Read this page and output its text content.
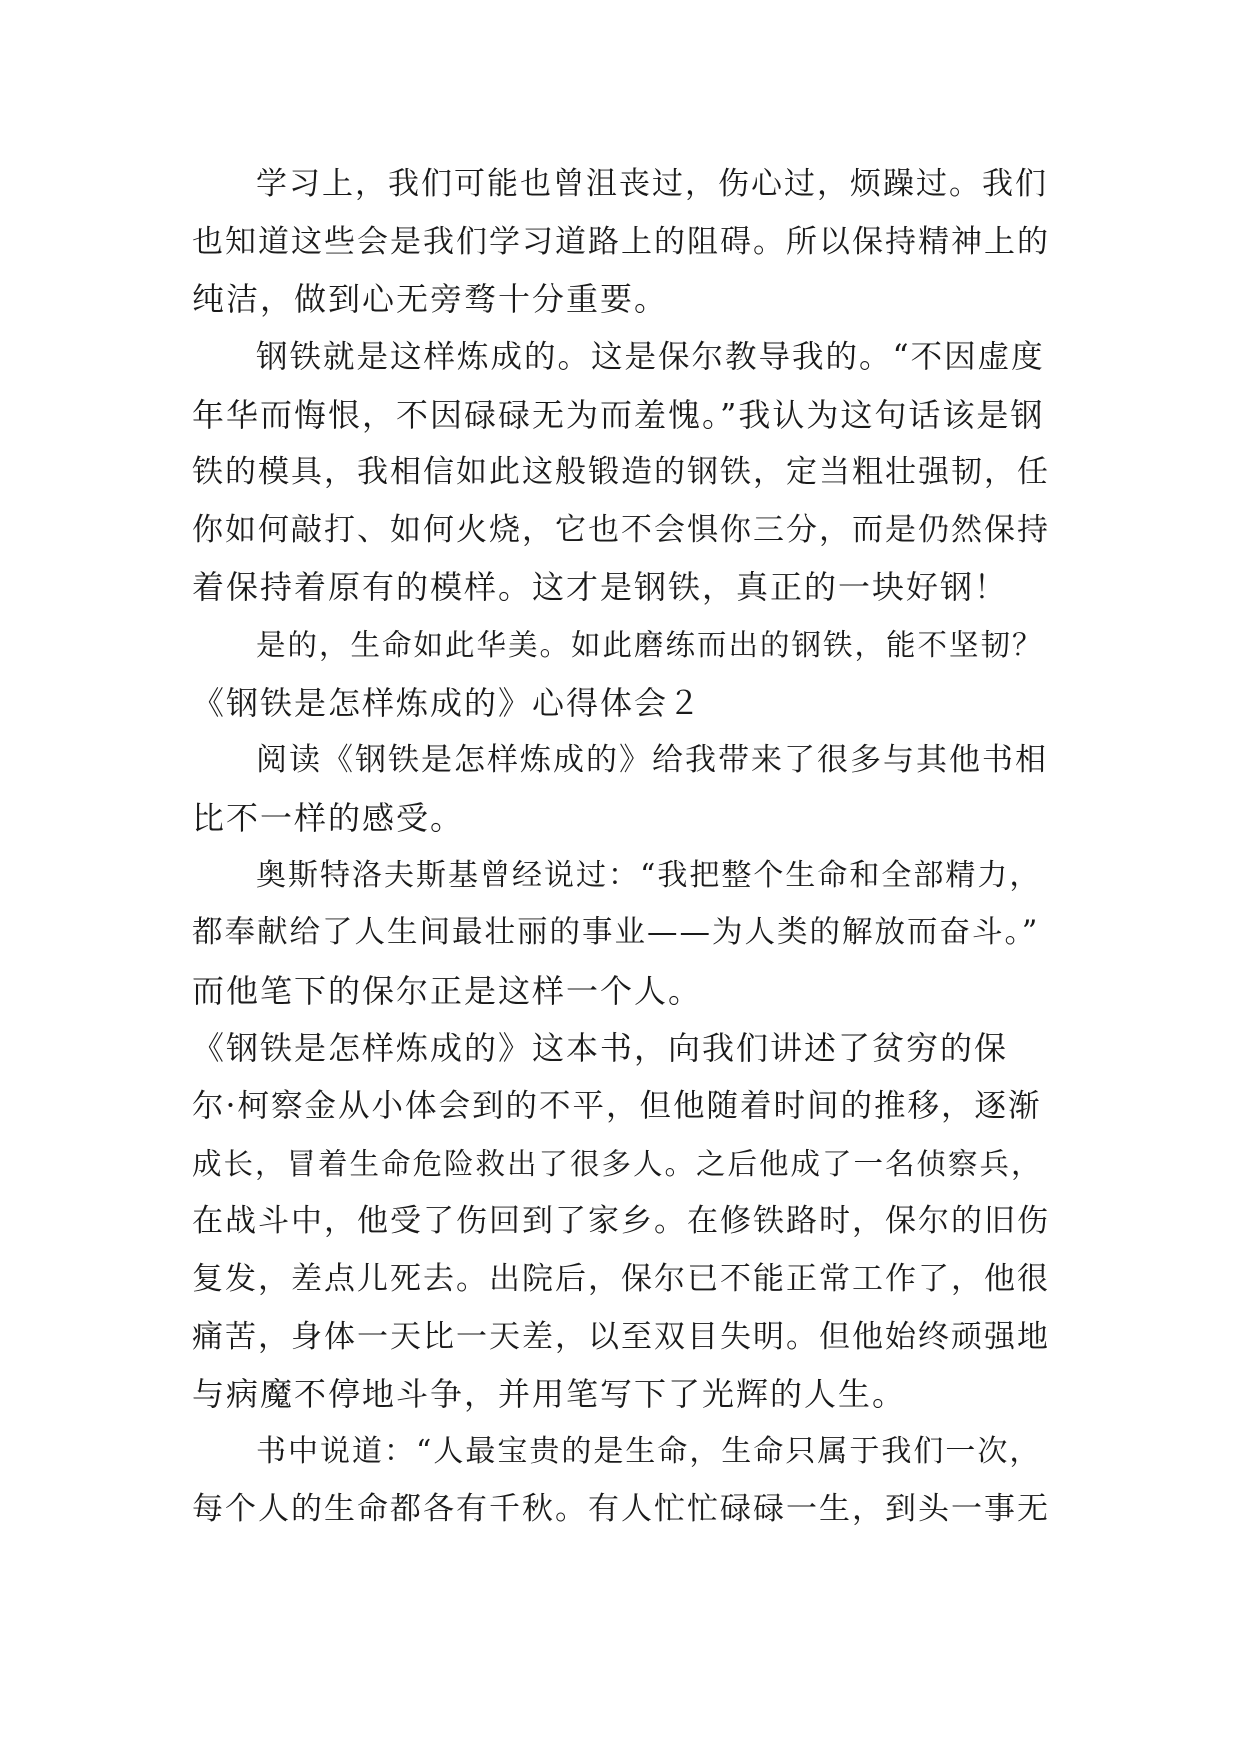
学习上，我们可能也曾沮丧过，伤心过，烦躁过。我们
也知道这些会是我们学习道路上的阻碍。所以保持精神上的
纯洁，做到心无旁骛十分重要。
钢铁就是这样炼成的。这是保尔教导我的。“不因虚度
年华而悔恨，不因碌碌无为而羞愧。”我认为这句话该是钢
铁的模具，我相信如此这般锻造的钢铁，定当粗壮强韧，任
你如何敲打、如何火烧，它也不会惧你三分，而是仍然保持
着保持着原有的模样。这才是钢铁，真正的一块好钢！
是的，生命如此华美。如此磨练而出的钢铁，能不坚韧？
《钢铁是怎样炼成的》心得体会２
阅读《钢铁是怎样炼成的》给我带来了很多与其他书相
比不一样的感受。
奥斯特洛夫斯基曾经说过：“我把整个生命和全部精力，
都奉献给了人生间最壮丽的事业——为人类的解放而奋斗。”
而他笔下的保尔正是这样一个人。
《钢铁是怎样炼成的》这本书，向我们讲述了贫穷的保
尔·柯察金从小体会到的不平，但他随着时间的推移，逐渐
成长，冒着生命危险救出了很多人。之后他成了一名侦察兵，
在战斗中，他受了伤回到了家乡。在修铁路时，保尔的旧伤
复发，差点儿死去。出院后，保尔已不能正常工作了，他很
痛苦，身体一天比一天差，以至双目失明。但他始终顽强地
与病魔不停地斗争，并用笔写下了光辉的人生。
书中说道：“人最宝贵的是生命，生命只属于我们一次，
每个人的生命都各有千秋。有人忙忙碌碌一生，到头一事无
